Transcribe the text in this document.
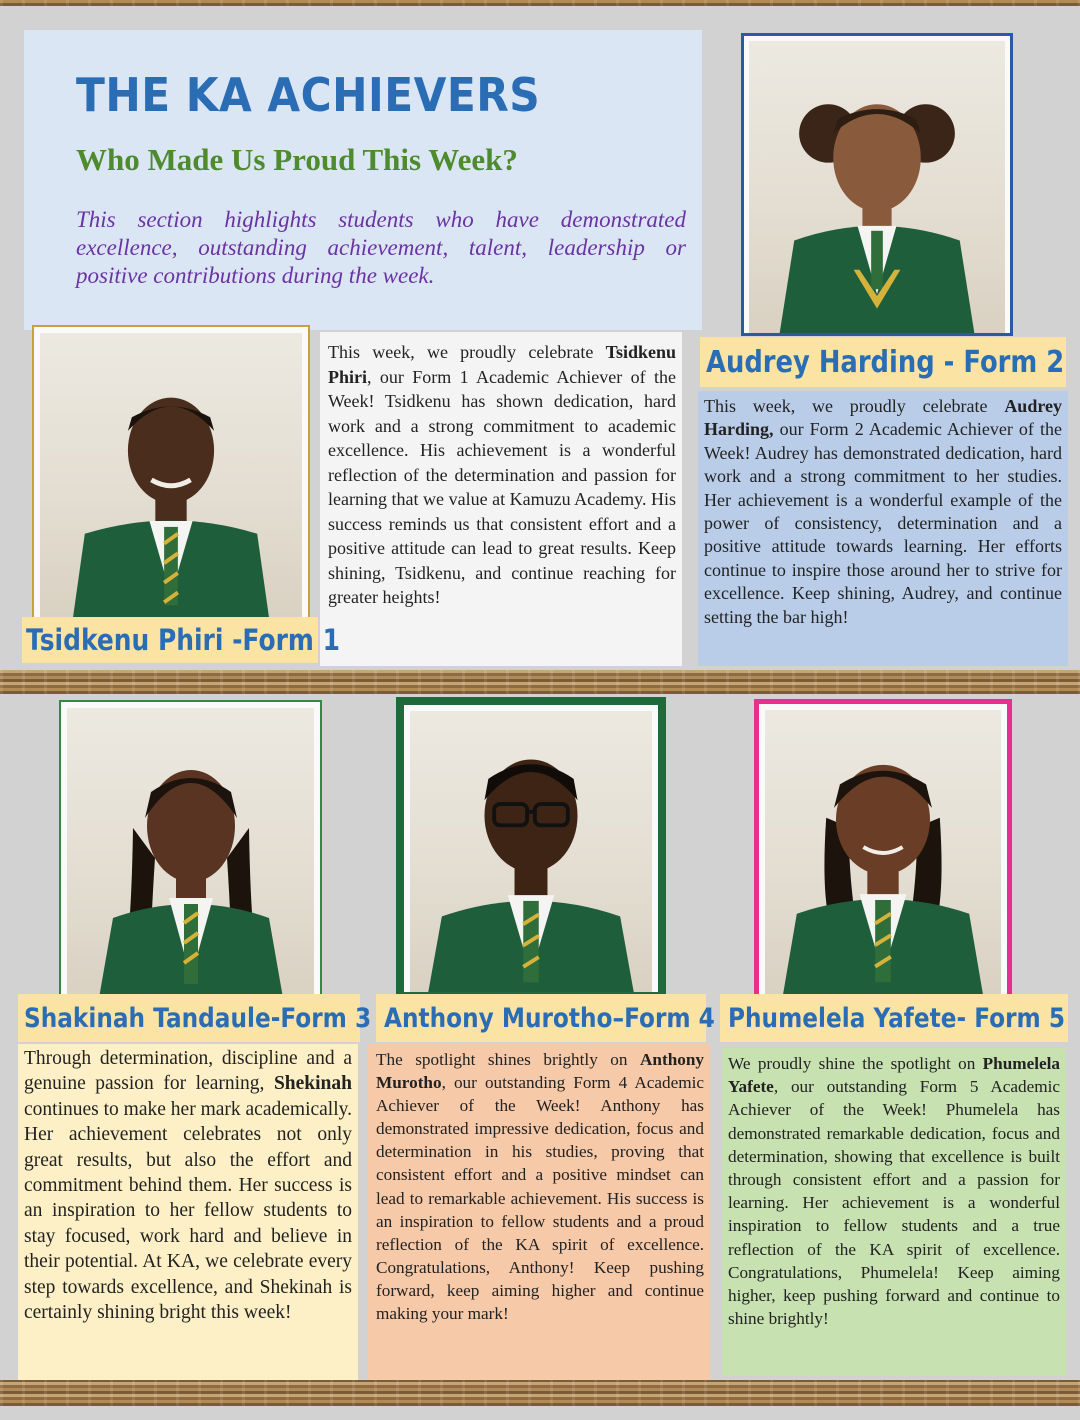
THE KA ACHIEVERS
Who Made Us Proud This Week?

This section highlights students who have demonstrated excellence, outstanding achievement, talent, leadership or positive contributions during the week.

This week, we proudly celebrate Tsidkenu Phiri, our Form 1 Academic Achiever of the Week! Tsidkenu has shown dedication, hard work and a strong commitment to academic excellence. His achievement is a wonderful reflection of the determination and passion for learning that we value at Kamuzu Academy. His success reminds us that consistent effort and a positive attitude can lead to great results. Keep shining, Tsidkenu, and continue reaching for greater heights!
Tsidkenu Phiri -Form 1
Audrey Harding - Form 2
This week, we proudly celebrate Audrey Harding, our Form 2 Academic Achiever of the Week! Audrey has demonstrated dedication, hard work and a strong commitment to her studies. Her achievement is a wonderful example of the power of consistency, determination and a positive attitude towards learning. Her efforts continue to inspire those around her to strive for excellence. Keep shining, Audrey, and continue setting the bar high!
Shakinah Tandaule-Form 3 Anthony Murotho–Form 4 Phumelela Yafete- Form 5
Through determination, discipline and a genuine passion for learning, Shekinah continues to make her mark academically. Her achievement celebrates not only great results, but also the effort and commitment behind them. Her success is an inspiration to her fellow students to stay focused, work hard and believe in their potential. At KA, we celebrate every step towards excellence, and Shekinah is certainly shining bright this week!
The spotlight shines brightly on Anthony Murotho, our outstanding Form 4 Academic Achiever of the Week! Anthony has demonstrated impressive dedication, focus and determination in his studies, proving that consistent effort and a positive mindset can lead to remarkable achievement. His success is an inspiration to fellow students and a proud reflection of the KA spirit of excellence. Congratulations, Anthony! Keep pushing forward, keep aiming higher and continue making your mark!
We proudly shine the spotlight on Phumelela Yafete, our outstanding Form 5 Academic Achiever of the Week! Phumelela has demonstrated remarkable dedication, focus and determination, showing that excellence is built through consistent effort and a passion for learning. Her achievement is a wonderful inspiration to fellow students and a true reflection of the KA spirit of excellence. Congratulations, Phumelela! Keep aiming higher, keep pushing forward and continue to shine brightly!
